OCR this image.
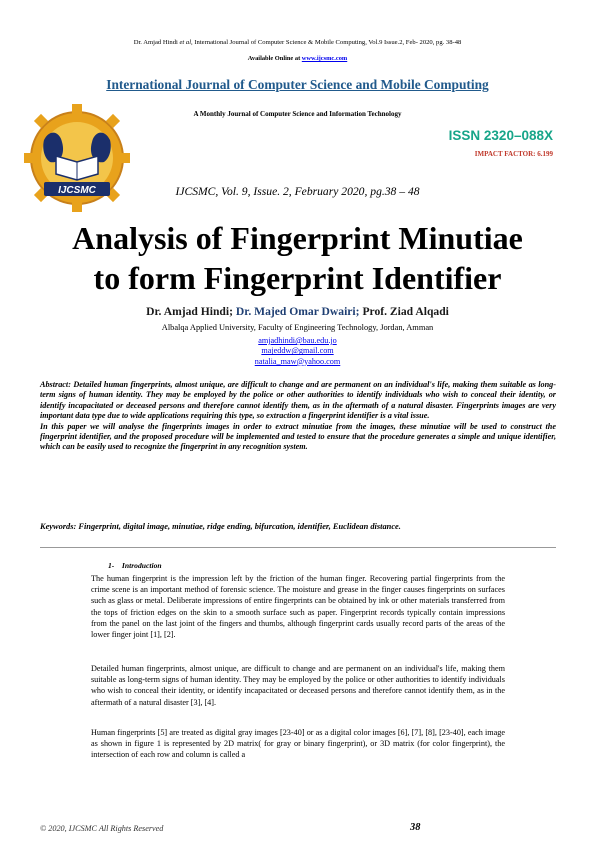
Dr. Amjad Hindi et al, International Journal of Computer Science & Mobile Computing, Vol.9 Issue.2, Feb- 2020, pg. 38-48
Available Online at www.ijcsmc.com
International Journal of Computer Science and Mobile Computing
A Monthly Journal of Computer Science and Information Technology
IJCSMC
ISSN 2320–088X
IMPACT FACTOR: 6.199
IJCSMC, Vol. 9, Issue. 2, February 2020, pg.38 – 48
Analysis of Fingerprint Minutiae
to form Fingerprint Identifier
Dr. Amjad Hindi; Dr. Majed Omar Dwairi; Prof. Ziad Alqadi
Albalqa Applied University, Faculty of Engineering Technology, Jordan, Amman
amjadhindi@bau.edu.jo
majeddw@gmail.com
natalia_maw@yahoo.com

Abstract: Detailed human fingerprints, almost unique, are difficult to change and are permanent on an individual's life, making them suitable as long-term signs of human identity. They may be employed by the police or other authorities to identify individuals who wish to conceal their identity, or identify incapacitated or deceased persons and therefore cannot identify them, as in the aftermath of a natural disaster. Fingerprints images are very important data type due to wide applications requiring this type, so extraction a fingerprint identifier is a vital issue.

In this paper we will analyse the fingerprints images in order to extract minutiae from the images, these minutiae will be used to construct the fingerprint identifier, and the proposed procedure will be implemented and tested to ensure that the procedure generates a simple and unique identifier, which can be easily used to recognize the fingerprint in any recognition system.

Keywords: Fingerprint, digital image, minutiae, ridge ending, bifurcation, identifier, Euclidean distance.
1-    Introduction

The human fingerprint is the impression left by the friction of the human finger. Recovering partial fingerprints from the crime scene is an important method of forensic science. The moisture and grease in the finger causes fingerprints on surfaces such as glass or metal. Deliberate impressions of entire fingerprints can be obtained by ink or other materials transferred from the tops of friction edges on the skin to a smooth surface such as paper. Fingerprint records typically contain impressions from the panel on the last joint of the fingers and thumbs, although fingerprint cards usually record parts of the areas of the lower finger joint [1], [2].

Detailed human fingerprints, almost unique, are difficult to change and are permanent on an individual's life, making them suitable as long-term signs of human identity. They may be employed by the police or other authorities to identify individuals who wish to conceal their identity, or identify incapacitated or deceased persons and therefore cannot identify them, as in the aftermath of a natural disaster [3], [4].

Human fingerprints [5] are treated as digital gray images [23-40] or as a digital color images [6], [7], [8], [23-40], each image as shown in figure 1 is represented by 2D matrix( for gray or binary fingerprint), or 3D matrix (for color fingerprint), the intersection of each row and column is called a

© 2020, IJCSMC All Rights Reserved	38
